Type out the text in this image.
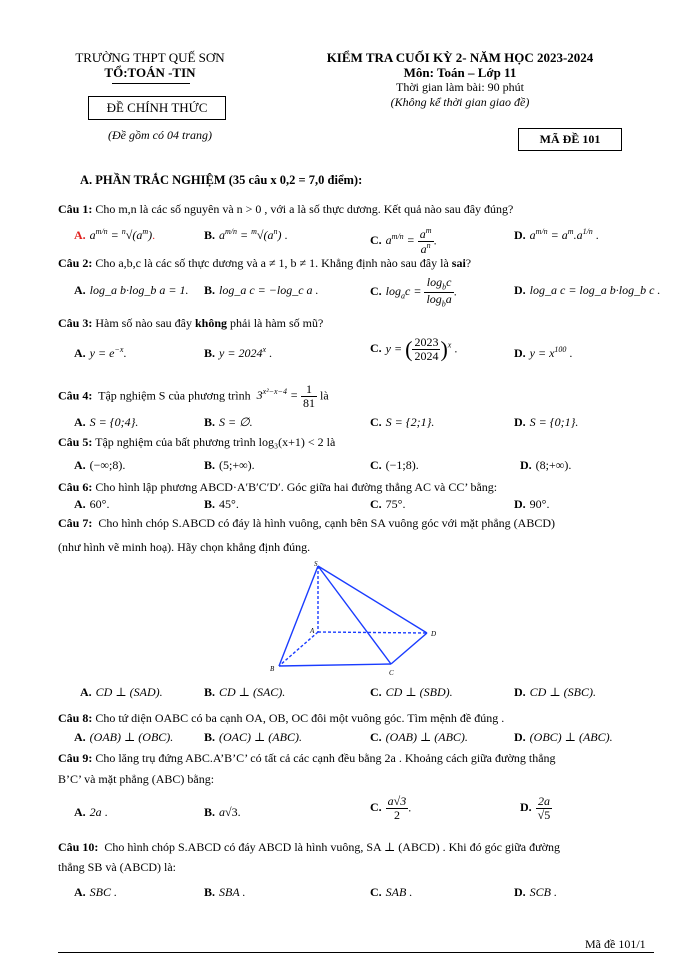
TRƯỜNG THPT QUẾ SƠN
TỔ:TOÁN -TIN
ĐỀ CHÍNH THỨC
(Đề gồm có 04 trang)
KIỂM TRA CUỐI KỲ 2- NĂM HỌC 2023-2024
Môn: Toán – Lớp 11
Thời gian làm bài: 90 phút
(Không kể thời gian giao đề)
MÃ ĐỀ 101
A. PHẦN TRẮC NGHIỆM (35 câu x 0,2 = 7,0 điểm):
Câu 1: Cho m,n là các số nguyên và n > 0 , với a là số thực dương. Kết quả nào sau đây đúng?
A. $a^{m/n} = ^n√(a^m)$.	B. $a^{m/n} = ^m√(a^n)$ .	C. $a^{m/n} = \frac{a^m}{a^n}$ .	D. $a^{m/n} = a^m.a^{1/n}$ .
Câu 2: Cho a,b,c là các số thực dương và a ≠ 1, b ≠ 1. Khẳng định nào sau đây là sai?
A. log_a b·log_b a = 1. B. log_a c = −log_c a .	C. $\log_ac = \frac{\log_bc}{\log_ba}$ .	D. log_a c = log_a b·log_b c .
Câu 3: Hàm số nào sau đây không phải là hàm số mũ?
A. $y = e^{-x}$.	B. $y = 2024^x$ .	C. y = ( $\frac{2023}{2024} )^x$ .	D. $y = x^{100}$ .
Câu 4: Tập nghiệm S của phương trình $3^{x^2-x-4} = \frac{1}{81}$ là
A. S = {0;4}.	B. S = ∅.	C. S = {2;1}.	D. S = {0;1}.
Câu 5: Tập nghiệm của bất phương trình log₃(x+1) < 2 là
A. (−∞;8).	B. (5;+∞).	C. (−1;8).	D. (8;+∞).
Câu 6: Cho hình lập phương ABCD·A′B′C′D′. Góc giữa hai đường thẳng AC và CC’ bằng:
A. 60°.	B. 45°.	C. 75°.	D. 90°.
Câu 7: Cho hình chóp S.ABCD có đáy là hình vuông, cạnh bên SA vuông góc với mặt phẳng (ABCD)
(như hình vẽ minh hoạ). Hãy chọn khẳng định đúng.
S
A
B	C
D
A. CD ⊥ (SAD).	B. CD ⊥ (SAC).	C. CD ⊥ (SBD).	D. CD ⊥ (SBC).
Câu 8: Cho tứ diện OABC có ba cạnh OA, OB, OC đôi một vuông góc. Tìm mệnh đề đúng .
A. (OAB) ⊥ (OBC).	B. (OAC) ⊥ (ABC).	C. (OAB) ⊥ (ABC).	D. (OBC) ⊥ (ABC).
Câu 9: Cho lăng trụ đứng ABC.A’B’C’ có tất cả các cạnh đều bằng 2a . Khoảng cách giữa đường thẳng
B’C’ và mặt phẳng (ABC) bằng:
A. 2a .	B. a√3.	C. $\frac{a√3}{2}$ .	D. $\frac{2a}{√5}$
Câu 10: Cho hình chóp S.ABCD có đáy ABCD là hình vuông, SA ⊥ (ABCD) . Khi đó góc giữa đường
thẳng SB và (ABCD) là:
A. SBC .	B. SBA .	C. SAB .	D. SCB .
Mã đề 101/1
